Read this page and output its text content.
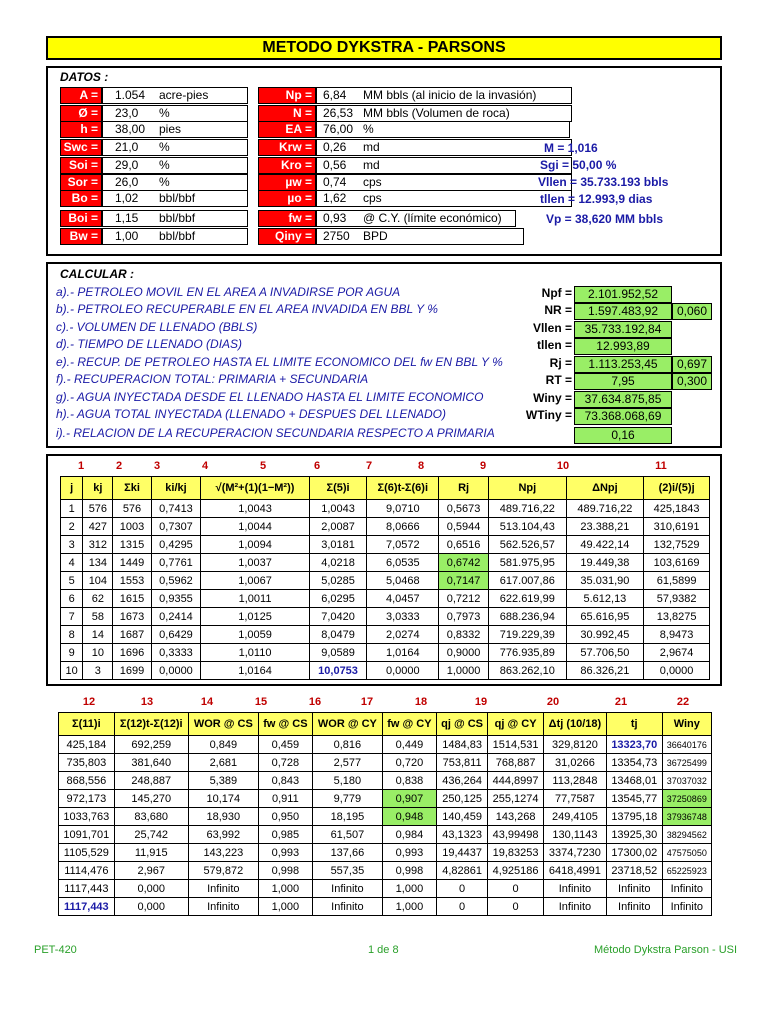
METODO DYKSTRA - PARSONS
DATOS :
A =	1.054 acre-pies
Ø =	23,0 %
h =	38,00 pies
Swc =	21,0 %
Soi =	29,0 %
Sor =	26,0 %
Bo =	1,02 bbl/bbf
Boi =	1,15 bbl/bbf
Bw =	1,00 bbl/bbf
Np = 6,84 MM bbls (al inicio de la invasión)
N = 26,53 MM bbls (Volumen de roca)
EA = 76,00 %
Krw = 0,26 md
Kro = 0,56 md
µw = 0,74 cps
µo = 1,62 cps
fw = 0,93 @ C.Y. (límite económico)
Qiny = 2750 BPD
M = 1,016
Sgi = 50,00 %
Vllen = 35.733.193 bbls
tllen = 12.993,9 dias
Vp = 38,620 MM bbls
CALCULAR :
a).- PETROLEO MOVIL EN EL AREA A INVADIRSE POR AGUA	Npf =	2.101.952,52
b).- PETROLEO RECUPERABLE EN EL AREA INVADIDA EN BBL Y %	NR =	1.597.483,92	0,060
c).- VOLUMEN DE LLENADO (BBLS)	Vllen =	35.733.192,84
d).- TIEMPO DE LLENADO (DIAS)	tllen =	12.993,89
e).- RECUP. DE PETROLEO HASTA EL LIMITE ECONOMICO DEL fw EN BBL Y %	Rj =	1.113.253,45	0,697
f).- RECUPERACION TOTAL: PRIMARIA + SECUNDARIA	RT =	7,95	0,300
g).- AGUA INYECTADA DESDE EL LLENADO HASTA EL LIMITE ECONOMICO	Winy =	37.634.875,85
h).- AGUA TOTAL INYECTADA (LLENADO + DESPUES DEL LLENADO)	WTiny =	73.368.068,69
i).- RELACION DE LA RECUPERACION SECUNDARIA RESPECTO A PRIMARIA	0,16
1	2	3	4	5	6	7	8	9	10	11
j	kj	Σki	ki/kj	√(M²+(1)(1−M²))	Σ(5)i	Σ(6)t-Σ(6)i	Rj	Npj	ΔNpj	(2)i/(5)j
1	576	576	0,7413	1,0043	1,0043	9,0710	0,5673	489.716,22	489.716,22	425,1843
2	427	1003	0,7307	1,0044	2,0087	8,0666	0,5944	513.104,43	23.388,21	310,6191
3	312	1315	0,4295	1,0094	3,0181	7,0572	0,6516	562.526,57	49.422,14	132,7529
4	134	1449	0,7761	1,0037	4,0218	6,0535	0,6742	581.975,95	19.449,38	103,6169
5	104	1553	0,5962	1,0067	5,0285	5,0468	0,7147	617.007,86	35.031,90	61,5899
6	62	1615	0,9355	1,0011	6,0295	4,0457	0,7212	622.619,99	5.612,13	57,9382
7	58	1673	0,2414	1,0125	7,0420	3,0333	0,7973	688.236,94	65.616,95	13,8275
8	14	1687	0,6429	1,0059	8,0479	2,0274	0,8332	719.229,39	30.992,45	8,9473
9	10	1696	0,3333	1,0110	9,0589	1,0164	0,9000	776.935,89	57.706,50	2,9674
10	3	1699	0,0000	1,0164	10,0753	0,0000	1,0000	863.262,10	86.326,21	0,0000
12	13	14	15	16	17	18	19	20	21	22
Σ(11)i	Σ(12)t-Σ(12)i	WOR @ CS	fw @ CS	WOR @ CY	fw @ CY	qj @ CS	qj @ CY	Δtj (10/18)	tj	Winy
425,184	692,259	0,849	0,459	0,816	0,449	1484,83	1514,531	329,8120	13323,70	36640176
735,803	381,640	2,681	0,728	2,577	0,720	753,811	768,887	31,0266	13354,73	36725499
868,556	248,887	5,389	0,843	5,180	0,838	436,264	444,8997	113,2848	13468,01	37037032
972,173	145,270	10,174	0,911	9,779	0,907	250,125	255,1274	77,7587	13545,77	37250869
1033,763	83,680	18,930	0,950	18,195	0,948	140,459	143,268	249,4105	13795,18	37936748
1091,701	25,742	63,992	0,985	61,507	0,984	43,1323	43,99498	130,1143	13925,30	38294562
1105,529	11,915	143,223	0,993	137,66	0,993	19,4437	19,83253	3374,7230	17300,02	47575050
1114,476	2,967	579,872	0,998	557,35	0,998	4,82861	4,925186	6418,4991	23718,52	65225923
1117,443	0,000	Infinito	1,000	Infinito	1,000	0	0	Infinito	Infinito	Infinito
1117,443	0,000	Infinito	1,000	Infinito	1,000	0	0	Infinito	Infinito	Infinito
PET-420	1 de 8	Método Dykstra Parson - USI
